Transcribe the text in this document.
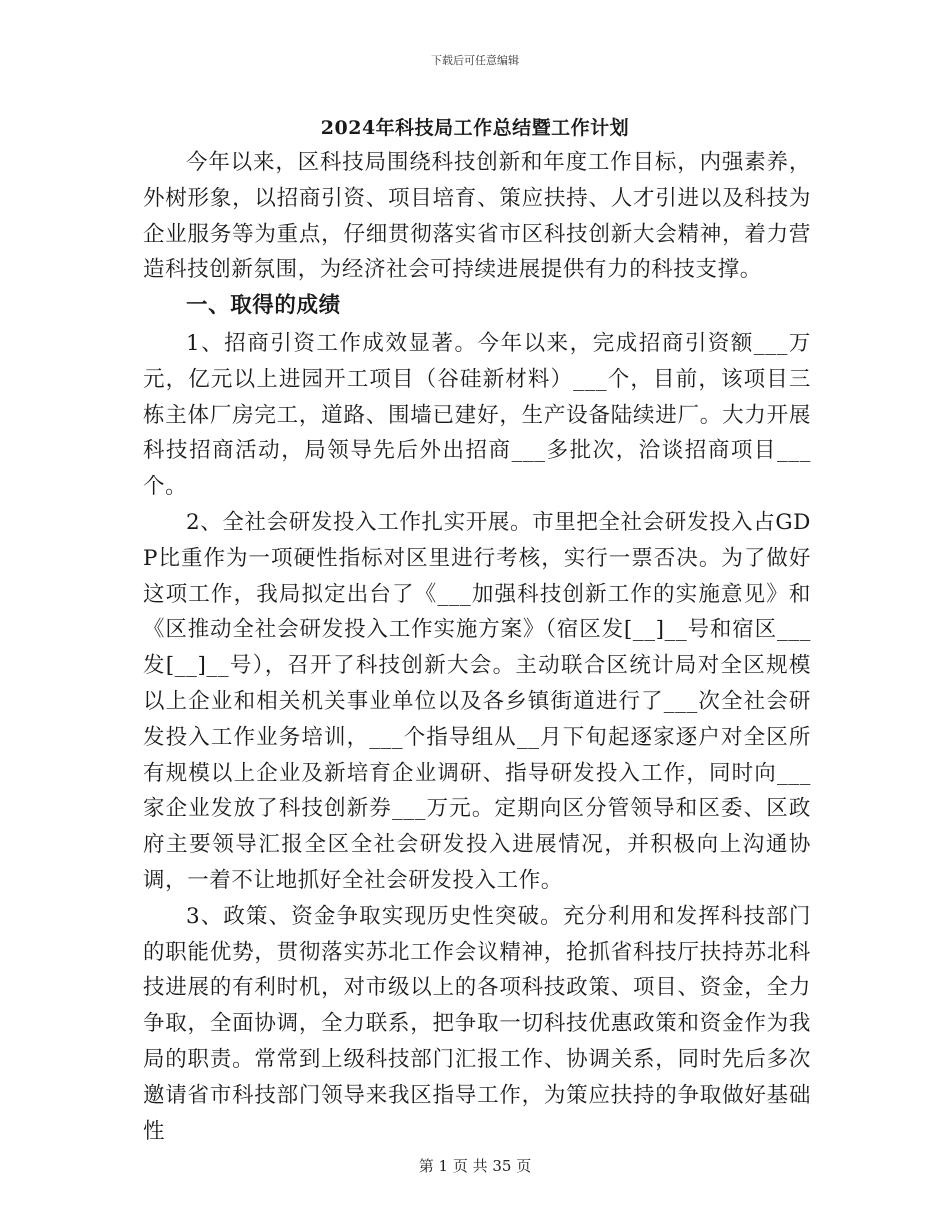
下载后可任意编辑
2024年科技局工作总结暨工作计划

今年以来，区科技局围绕科技创新和年度工作目标，内强素养，外树形象，以招商引资、项目培育、策应扶持、人才引进以及科技为企业服务等为重点，仔细贯彻落实省市区科技创新大会精神，着力营造科技创新氛围，为经济社会可持续进展提供有力的科技支撑。

一、取得的成绩

1、招商引资工作成效显著。今年以来，完成招商引资额___万元，亿元以上进园开工项目（谷硅新材料）___个，目前，该项目三栋主体厂房完工，道路、围墙已建好，生产设备陆续进厂。大力开展科技招商活动，局领导先后外出招商___多批次，洽谈招商项目___个。

2、全社会研发投入工作扎实开展。市里把全社会研发投入占GDP比重作为一项硬性指标对区里进行考核，实行一票否决。为了做好这项工作，我局拟定出台了《___加强科技创新工作的实施意见》和《区推动全社会研发投入工作实施方案》（宿区发[__]__号和宿区___发[__]__号），召开了科技创新大会。主动联合区统计局对全区规模以上企业和相关机关事业单位以及各乡镇街道进行了___次全社会研发投入工作业务培训，___个指导组从__月下旬起逐家逐户对全区所有规模以上企业及新培育企业调研、指导研发投入工作，同时向___家企业发放了科技创新券___万元。定期向区分管领导和区委、区政府主要领导汇报全区全社会研发投入进展情况，并积极向上沟通协调，一着不让地抓好全社会研发投入工作。

3、政策、资金争取实现历史性突破。充分利用和发挥科技部门的职能优势，贯彻落实苏北工作会议精神，抢抓省科技厅扶持苏北科技进展的有利时机，对市级以上的各项科技政策、项目、资金，全力争取，全面协调，全力联系，把争取一切科技优惠政策和资金作为我局的职责。常常到上级科技部门汇报工作、协调关系，同时先后多次邀请省市科技部门领导来我区指导工作，为策应扶持的争取做好基础性

第 1 页 共 35 页
